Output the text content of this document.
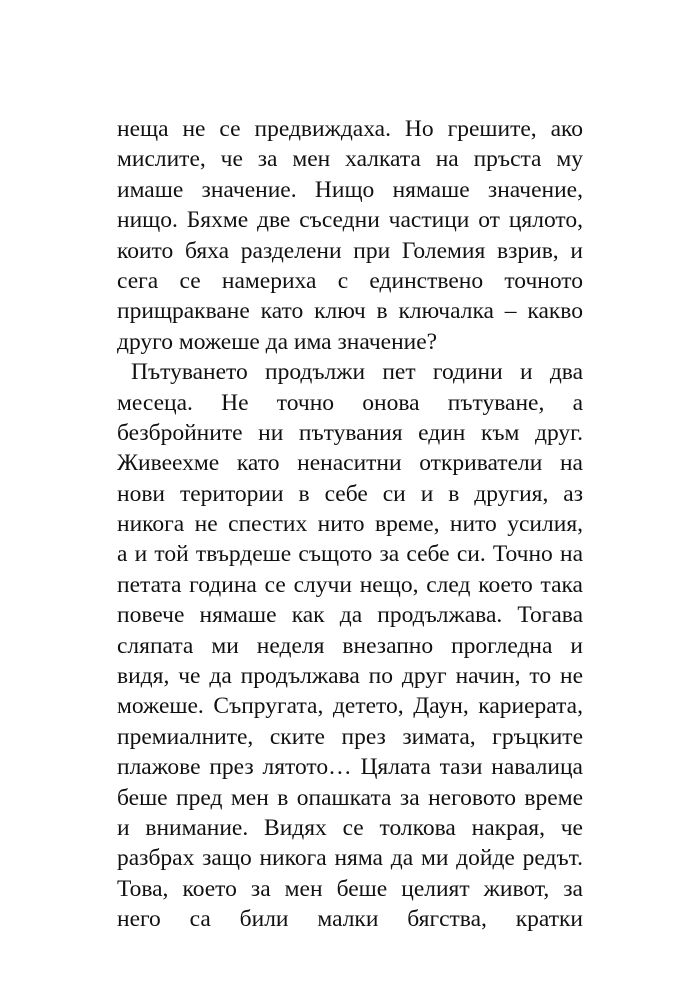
неща не се предвиждаха. Но грешите, ако
мислите, че за мен халката на пръста му
имаше значение. Нищо нямаше значение,
нищо. Бяхме две съседни частици от цялото,
които бяха разделени при Големия взрив, и
сега се намериха с единствено точното
прищракване като ключ в ключалка – какво
друго можеше да има значение?

Пътуването продължи пет години и два
месеца. Не точно онова пътуване, а
безбройните ни пътувания един към друг.
Живеехме като ненаситни откриватели на
нови територии в себе си и в другия, аз
никога не спестих нито време, нито усилия,
а и той твърдеше същото за себе си. Точно на
петата година се случи нещо, след което така
повече нямаше как да продължава. Тогава
сляпата ми неделя внезапно прогледна и
видя, че да продължава по друг начин, то не
можеше. Съпругата, детето, Даун, кариерата,
премиалните, ските през зимата, гръцките
плажове през лятото… Цялата тази навалица
беше пред мен в опашката за неговото време
и внимание. Видях се толкова накрая, че
разбрах защо никога няма да ми дойде редът.
Това, което за мен беше целият живот, за
него са били малки бягства, кратки
